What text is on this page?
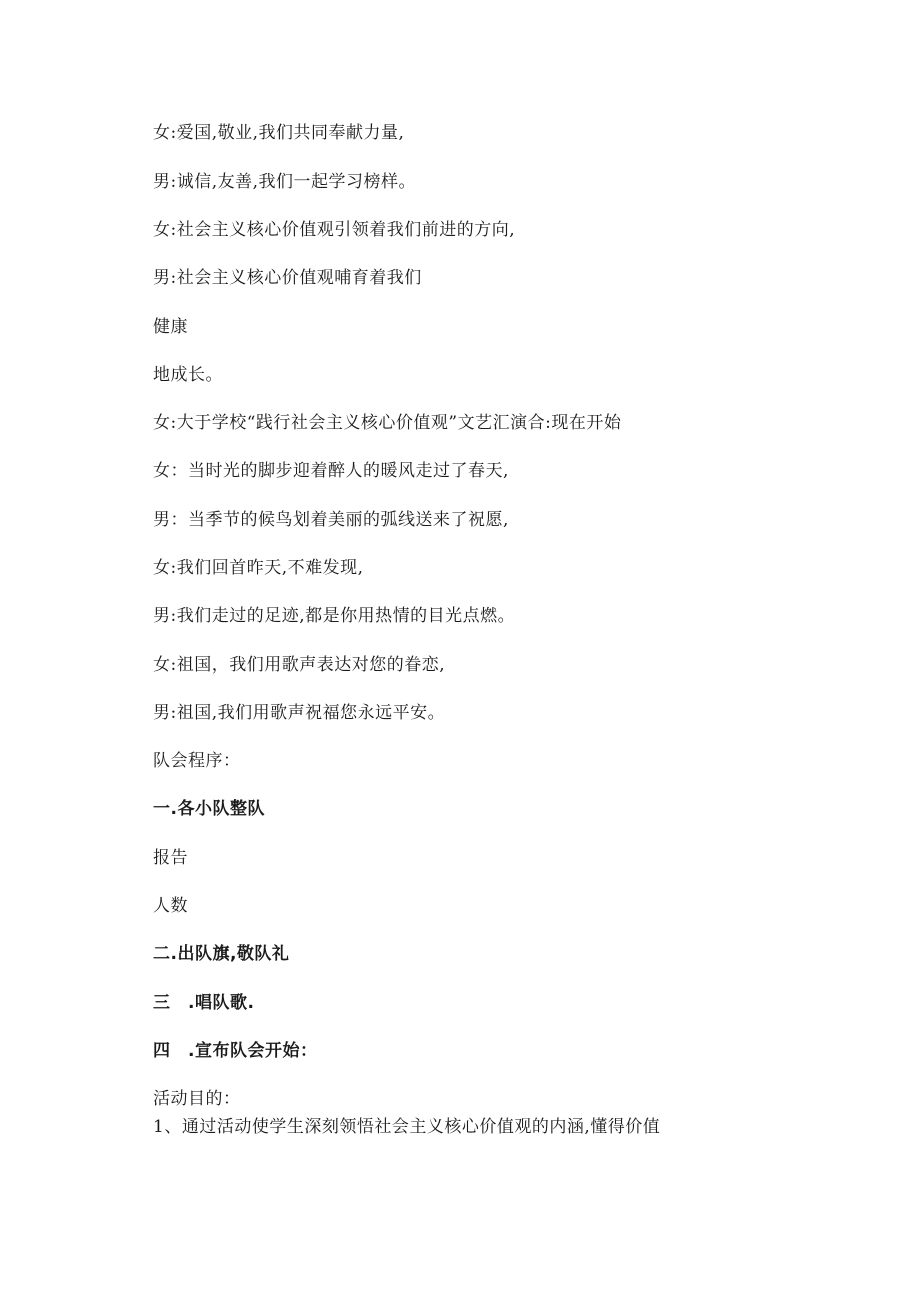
女:爱国,敬业,我们共同奉献力量,
男:诚信,友善,我们一起学习榜样。
女:社会主义核心价值观引领着我们前进的方向,
男:社会主义核心价值观哺育着我们
健康
地成长。
女:大于学校“践行社会主义核心价值观”文艺汇演合:现在开始
女：当时光的脚步迎着醉人的暖风走过了春天,
男：当季节的候鸟划着美丽的弧线送来了祝愿,
女:我们回首昨天,不难发现,
男:我们走过的足迹,都是你用热情的目光点燃。
女:祖国，我们用歌声表达对您的眷恋,
男:祖国,我们用歌声祝福您永远平安。
队会程序：
一.各小队整队
报告
人数
二.出队旗,敬队礼
三　.唱队歌.
四　.宣布队会开始：
活动目的：
1、通过活动使学生深刻领悟社会主义核心价值观的内涵,懂得价值
